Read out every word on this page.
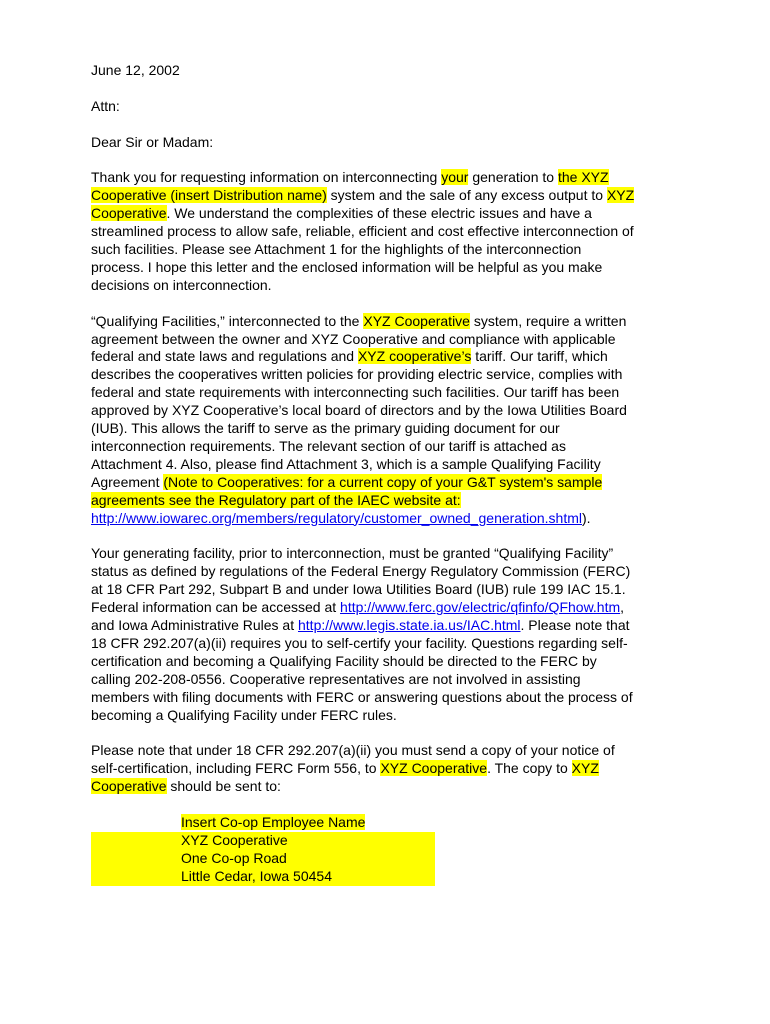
June 12, 2002
Attn:
Dear Sir or Madam:
Thank you for requesting information on interconnecting your generation to the XYZ
Cooperative (insert Distribution name) system and the sale of any excess output to XYZ
Cooperative. We understand the complexities of these electric issues and have a
streamlined process to allow safe, reliable, efficient and cost effective interconnection of
such facilities. Please see Attachment 1 for the highlights of the interconnection
process. I hope this letter and the enclosed information will be helpful as you make
decisions on interconnection.
“Qualifying Facilities,” interconnected to the XYZ Cooperative system, require a written
agreement between the owner and XYZ Cooperative and compliance with applicable
federal and state laws and regulations and XYZ cooperative’s tariff. Our tariff, which
describes the cooperatives written policies for providing electric service, complies with
federal and state requirements with interconnecting such facilities. Our tariff has been
approved by XYZ Cooperative’s local board of directors and by the Iowa Utilities Board
(IUB). This allows the tariff to serve as the primary guiding document for our
interconnection requirements. The relevant section of our tariff is attached as
Attachment 4. Also, please find Attachment 3, which is a sample Qualifying Facility
Agreement (Note to Cooperatives: for a current copy of your G&T system's sample
agreements see the Regulatory part of the IAEC website at:
http://www.iowarec.org/members/regulatory/customer_owned_generation.shtml).
Your generating facility, prior to interconnection, must be granted “Qualifying Facility”
status as defined by regulations of the Federal Energy Regulatory Commission (FERC)
at 18 CFR Part 292, Subpart B and under Iowa Utilities Board (IUB) rule 199 IAC 15.1.
Federal information can be accessed at http://www.ferc.gov/electric/qfinfo/QFhow.htm,
and Iowa Administrative Rules at http://www.legis.state.ia.us/IAC.html. Please note that
18 CFR 292.207(a)(ii) requires you to self-certify your facility. Questions regarding self-
certification and becoming a Qualifying Facility should be directed to the FERC by
calling 202-208-0556. Cooperative representatives are not involved in assisting
members with filing documents with FERC or answering questions about the process of
becoming a Qualifying Facility under FERC rules.
Please note that under 18 CFR 292.207(a)(ii) you must send a copy of your notice of
self-certification, including FERC Form 556, to XYZ Cooperative. The copy to XYZ
Cooperative should be sent to:
Insert Co-op Employee Name
XYZ Cooperative
One Co-op Road
Little Cedar, Iowa 50454
